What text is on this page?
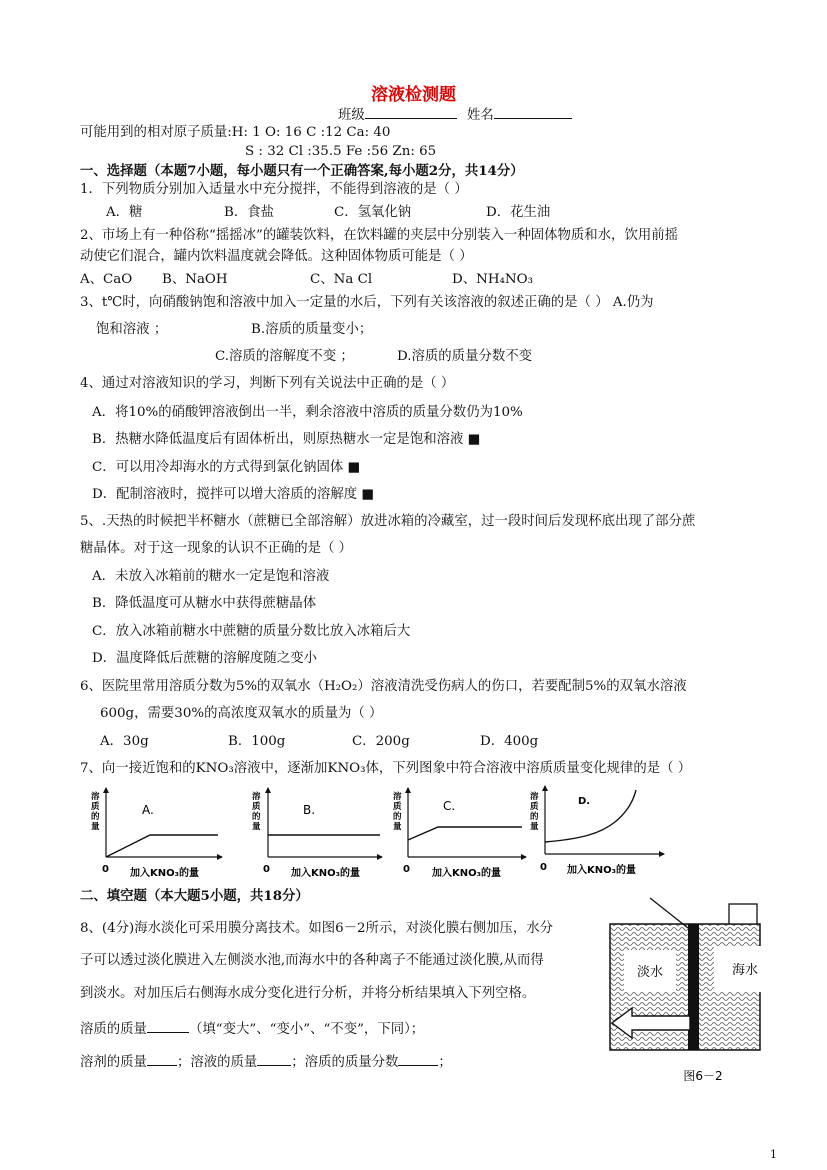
溶液检测题
班级	姓名
可能用到的相对原子质量:H: 1 O: 16 C :12 Ca: 40
S : 32 Cl :35.5 Fe :56 Zn: 65
一、选择题（本题7小题，每小题只有一个正确答案,每小题2分，共14分）
1．下列物质分别加入适量水中充分搅拌，不能得到溶液的是（ ）
A．糖	B．食盐	C．氢氧化钠	D．花生油
2、市场上有一种俗称“摇摇冰”的罐装饮料，在饮料罐的夹层中分别装入一种固体物质和水，饮用前摇
动使它们混合，罐内饮料温度就会降低。这种固体物质可能是（ ）
A、CaO B、NaOH	C、Na Cl	D、NH₄NO₃
3、t℃时，向硝酸钠饱和溶液中加入一定量的水后，下列有关该溶液的叙述正确的是（ ） A.仍为
饱和溶液 ；	B.溶质的质量变小；
C.溶质的溶解度不变 ；	D.溶质的质量分数不变
4、通过对溶液知识的学习，判断下列有关说法中正确的是（ ）
A．将10%的硝酸钾溶液倒出一半，剩余溶液中溶质的质量分数仍为10%
B．热糖水降低温度后有固体析出，则原热糖水一定是饱和溶液 ■
C．可以用冷却海水的方式得到氯化钠固体 ■
D．配制溶液时，搅拌可以增大溶质的溶解度 ■
5、.天热的时候把半杯糖水（蔗糖已全部溶解）放进冰箱的冷藏室，过一段时间后发现杯底出现了部分蔗
糖晶体。对于这一现象的认识不正确的是（ ）
A．未放入冰箱前的糖水一定是饱和溶液
B．降低温度可从糖水中获得蔗糖晶体
C．放入冰箱前糖水中蔗糖的质量分数比放入冰箱后大
D．温度降低后蔗糖的溶解度随之变小
6、医院里常用溶质分数为5%的双氧水（H₂O₂）溶液清洗受伤病人的伤口，若要配制5%的双氧水溶液
600g，需要30%的高浓度双氧水的质量为（ ）
A．30g	B．100g	C．200g	D．400g
7、向一接近饱和的KNO₃溶液中，逐渐加KNO₃体，下列图象中符合溶液中溶质质量变化规律的是（ ）
溶
质
的
量
A.
0 加入KNO₃的量
溶
质
的
量
B.
0 加入KNO₃的量
溶
质
的
量
C.
0 加入KNO₃的量
溶
质
的
量
D.
0 加入KNO₃的量
二、填空题（本大题5小题，共18分）
8、(4分)海水淡化可采用膜分离技术。如图6－2所示，对淡化膜右侧加压，水分
子可以透过淡化膜进入左侧淡水池,而海水中的各种离子不能通过淡化膜,从而得
到淡水。对加压后右侧海水成分变化进行分析，并将分析结果填入下列空格。
溶质的质量	（填“变大”、“变小”、“不变”，下同）；
溶剂的质量 ；溶液的质量	；溶质的质量分数	；
淡水	海水
图6－2
1
